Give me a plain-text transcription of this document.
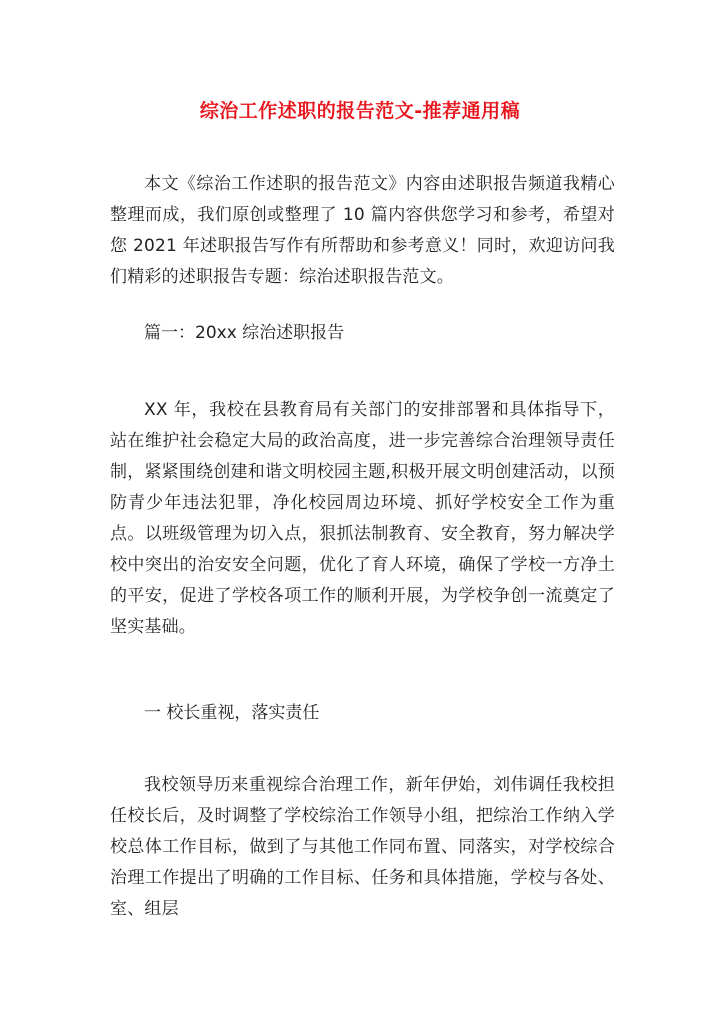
综治工作述职的报告范文-推荐通用稿

本文《综治工作述职的报告范文》内容由述职报告频道我精心整理而成，我们原创或整理了 10 篇内容供您学习和参考，希望对您 2021 年述职报告写作有所帮助和参考意义！同时，欢迎访问我们精彩的述职报告专题：综治述职报告范文。

篇一：20xx 综治述职报告

XX 年，我校在县教育局有关部门的安排部署和具体指导下，站在维护社会稳定大局的政治高度，进一步完善综合治理领导责任制，紧紧围绕创建和谐文明校园主题,积极开展文明创建活动，以预防青少年违法犯罪，净化校园周边环境、抓好学校安全工作为重点。以班级管理为切入点，狠抓法制教育、安全教育，努力解决学校中突出的治安安全问题，优化了育人环境，确保了学校一方净土的平安，促进了学校各项工作的顺利开展，为学校争创一流奠定了坚实基础。

一 校长重视，落实责任

我校领导历来重视综合治理工作，新年伊始，刘伟调任我校担任校长后，及时调整了学校综治工作领导小组，把综治工作纳入学校总体工作目标，做到了与其他工作同布置、同落实，对学校综合治理工作提出了明确的工作目标、任务和具体措施，学校与各处、室、组层
